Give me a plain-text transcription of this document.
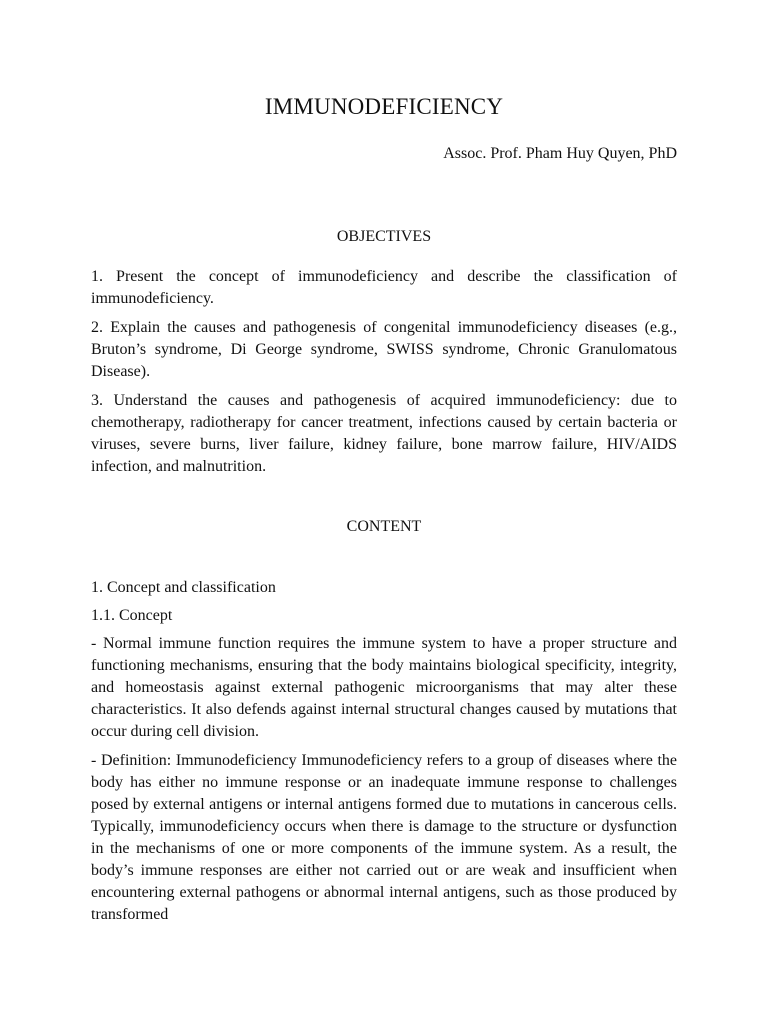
IMMUNODEFICIENCY
Assoc. Prof. Pham Huy Quyen, PhD
OBJECTIVES

1. Present the concept of immunodeficiency and describe the classification of immunodeficiency.

2. Explain the causes and pathogenesis of congenital immunodeficiency diseases (e.g., Bruton’s syndrome, Di George syndrome, SWISS syndrome, Chronic Granulomatous Disease).

3. Understand the causes and pathogenesis of acquired immunodeficiency: due to chemotherapy, radiotherapy for cancer treatment, infections caused by certain bacteria or viruses, severe burns, liver failure, kidney failure, bone marrow failure, HIV/AIDS infection, and malnutrition.

CONTENT

1. Concept and classification

1.1. Concept

- Normal immune function requires the immune system to have a proper structure and functioning mechanisms, ensuring that the body maintains biological specificity, integrity, and homeostasis against external pathogenic microorganisms that may alter these characteristics. It also defends against internal structural changes caused by mutations that occur during cell division.

- Definition: Immunodeficiency Immunodeficiency refers to a group of diseases where the body has either no immune response or an inadequate immune response to challenges posed by external antigens or internal antigens formed due to mutations in cancerous cells. Typically, immunodeficiency occurs when there is damage to the structure or dysfunction in the mechanisms of one or more components of the immune system. As a result, the body’s immune responses are either not carried out or are weak and insufficient when encountering external pathogens or abnormal internal antigens, such as those produced by transformed
